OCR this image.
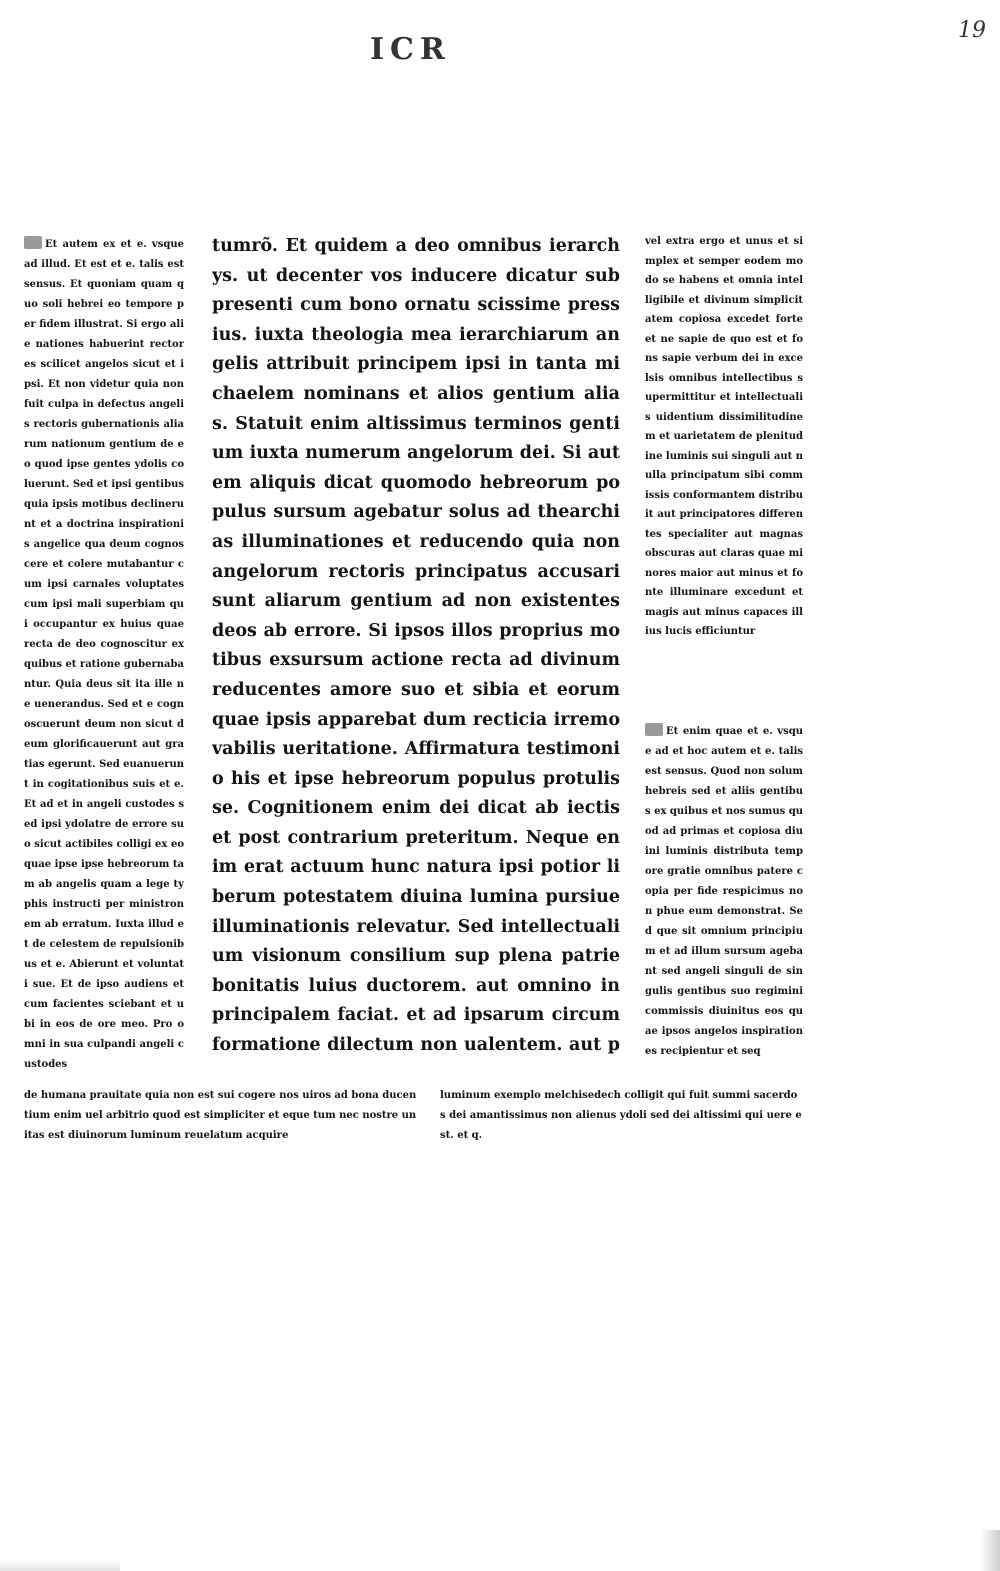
ICR
19
Et autem ex et e. vsque ad illud. Et est et e. talis est sensus. Et quoniam quam quo soli hebrei eo tempore per fidem illustrat. Si ergo alie nationes habuerint rectores scilicet angelos sicut et ipsi. Et non videtur quia non fuit culpa in defectus angelis rectoris gubernationis aliarum nationum gentium de eo quod ipse gentes ydolis coluerunt. Sed et ipsi gentibus quia ipsis motibus declinerunt et a doctrina inspirationis angelice qua deum cognoscere et colere mutabantur cum ipsi carnales voluptates cum ipsi mali superbiam qui occupantur ex huius quae recta de deo cognoscitur ex quibus et ratione gubernabantur. Quia deus sit ita ille ne uenerandus. Sed et e cognoscuerunt deum non sicut deum glorificauerunt aut gratias egerunt. Sed euanuerunt in cogitationibus suis et e. Et ad et in angeli custodes sed ipsi ydolatre de errore suo sicut actibiles colligi ex eo quae ipse ipse hebreorum tam ab angelis quam a lege typhis instructi per ministronem ab erratum. Iuxta illud et de celestem de repulsionibus et e. Abierunt et voluntati sue. Et de ipso audiens et cum facientes sciebant et ubi in eos de ore meo. Pro omni in sua culpandi angeli custodes
tumrõ. Et quidem a deo omnibus ierarchys. ut decenter vos inducere dicatur sub presenti cum bono ornatu scissime pressius. iuxta theologia mea ierarchiarum angelis attribuit principem ipsi in tanta michaelem nominans et alios gentium alias. Statuit enim altissimus terminos gentium iuxta numerum angelorum dei. Si autem aliquis dicat quomodo hebreorum populus sursum agebatur solus ad thearchias illuminationes et reducendo quia non angelorum rectoris principatus accusari sunt aliarum gentium ad non existentes deos ab errore. Si ipsos illos proprius motibus exsursum actione recta ad divinum reducentes amore suo et sibia et eorum quae ipsis apparebat dum recticia irremovabilis ueritatione. Affirmatura testimonio his et ipse hebreorum populus protulisse. Cognitionem enim dei dicat ab iectis et post contrarium preteritum. Neque enim erat actuum hunc natura ipsi potior liberum potestatem diuina lumina pursiue illuminationis relevatur. Sed intellectualium visionum consilium sup plena patrie bonitatis luius ductorem. aut omnino in principalem faciat. et ad ipsarum circumformatione dilectum non ualentem. aut p
vel extra ergo et unus et simplex et semper eodem modo se habens et omnia intelligibile et divinum simplicitatem copiosa excedet forte et ne sapie de quo est et fons sapie verbum dei in excelsis omnibus intellectibus supermittitur et intellectualis uidentium dissimilitudinem et uarietatem de plenitudine luminis sui singuli aut nulla principatum sibi commissis conformantem distribuit aut principatores differentes specialiter aut magnas obscuras aut claras quae minores maior aut minus et fonte illuminare excedunt et magis aut minus capaces illius lucis efficiuntur
Et enim quae et e. vsque ad et hoc autem et e. talis est sensus. Quod non solum hebreis sed et aliis gentibus ex quibus et nos sumus quod ad primas et copiosa diuini luminis distributa tempore gratie omnibus patere copia per fide respicimus non phue eum demonstrat. Sed que sit omnium principium et ad illum sursum agebant sed angeli singuli de singulis gentibus suo regimini commissis diuinitus eos quae ipsos angelos inspirationes recipientur et seq
de humana prauitate quia non est sui cogere nos uiros ad bona ducentium enim uel arbitrio quod est simpliciter et eque tum nec nostre unitas est diuinorum luminum reuelatum acquire
luminum exemplo melchisedech colligit qui fuit summi sacerdos dei amantissimus non alienus ydoli sed dei altissimi qui uere est. et q.
